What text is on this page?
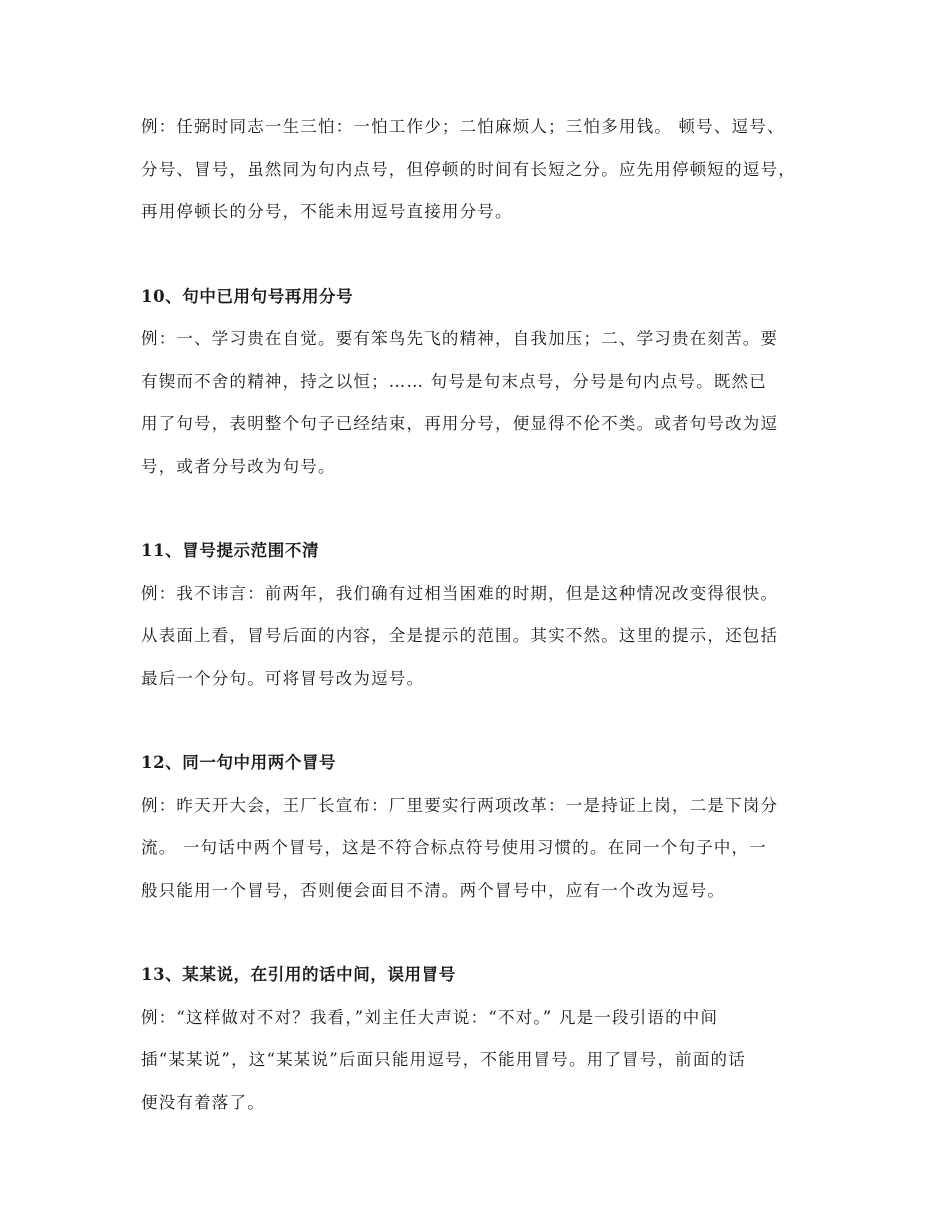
例：任弼时同志一生三怕：一怕工作少；二怕麻烦人；三怕多用钱。 顿号、逗号、
分号、冒号，虽然同为句内点号，但停顿的时间有长短之分。应先用停顿短的逗号，
再用停顿长的分号，不能未用逗号直接用分号。

10、句中已用句号再用分号

例：一、学习贵在自觉。要有笨鸟先飞的精神，自我加压；二、学习贵在刻苦。要
有锲而不舍的精神，持之以恒；…… 句号是句末点号，分号是句内点号。既然已
用了句号，表明整个句子已经结束，再用分号，便显得不伦不类。或者句号改为逗
号，或者分号改为句号。

11、冒号提示范围不清

例：我不讳言：前两年，我们确有过相当困难的时期，但是这种情况改变得很快。
从表面上看，冒号后面的内容，全是提示的范围。其实不然。这里的提示，还包括
最后一个分句。可将冒号改为逗号。

12、同一句中用两个冒号

例：昨天开大会，王厂长宣布：厂里要实行两项改革：一是持证上岗，二是下岗分
流。 一句话中两个冒号，这是不符合标点符号使用习惯的。在同一个句子中，一
般只能用一个冒号，否则便会面目不清。两个冒号中，应有一个改为逗号。

13、某某说，在引用的话中间，误用冒号

例：“这样做对不对？我看，”刘主任大声说：“不对。” 凡是一段引语的中间
插“某某说”，这“某某说”后面只能用逗号，不能用冒号。用了冒号，前面的话
便没有着落了。
